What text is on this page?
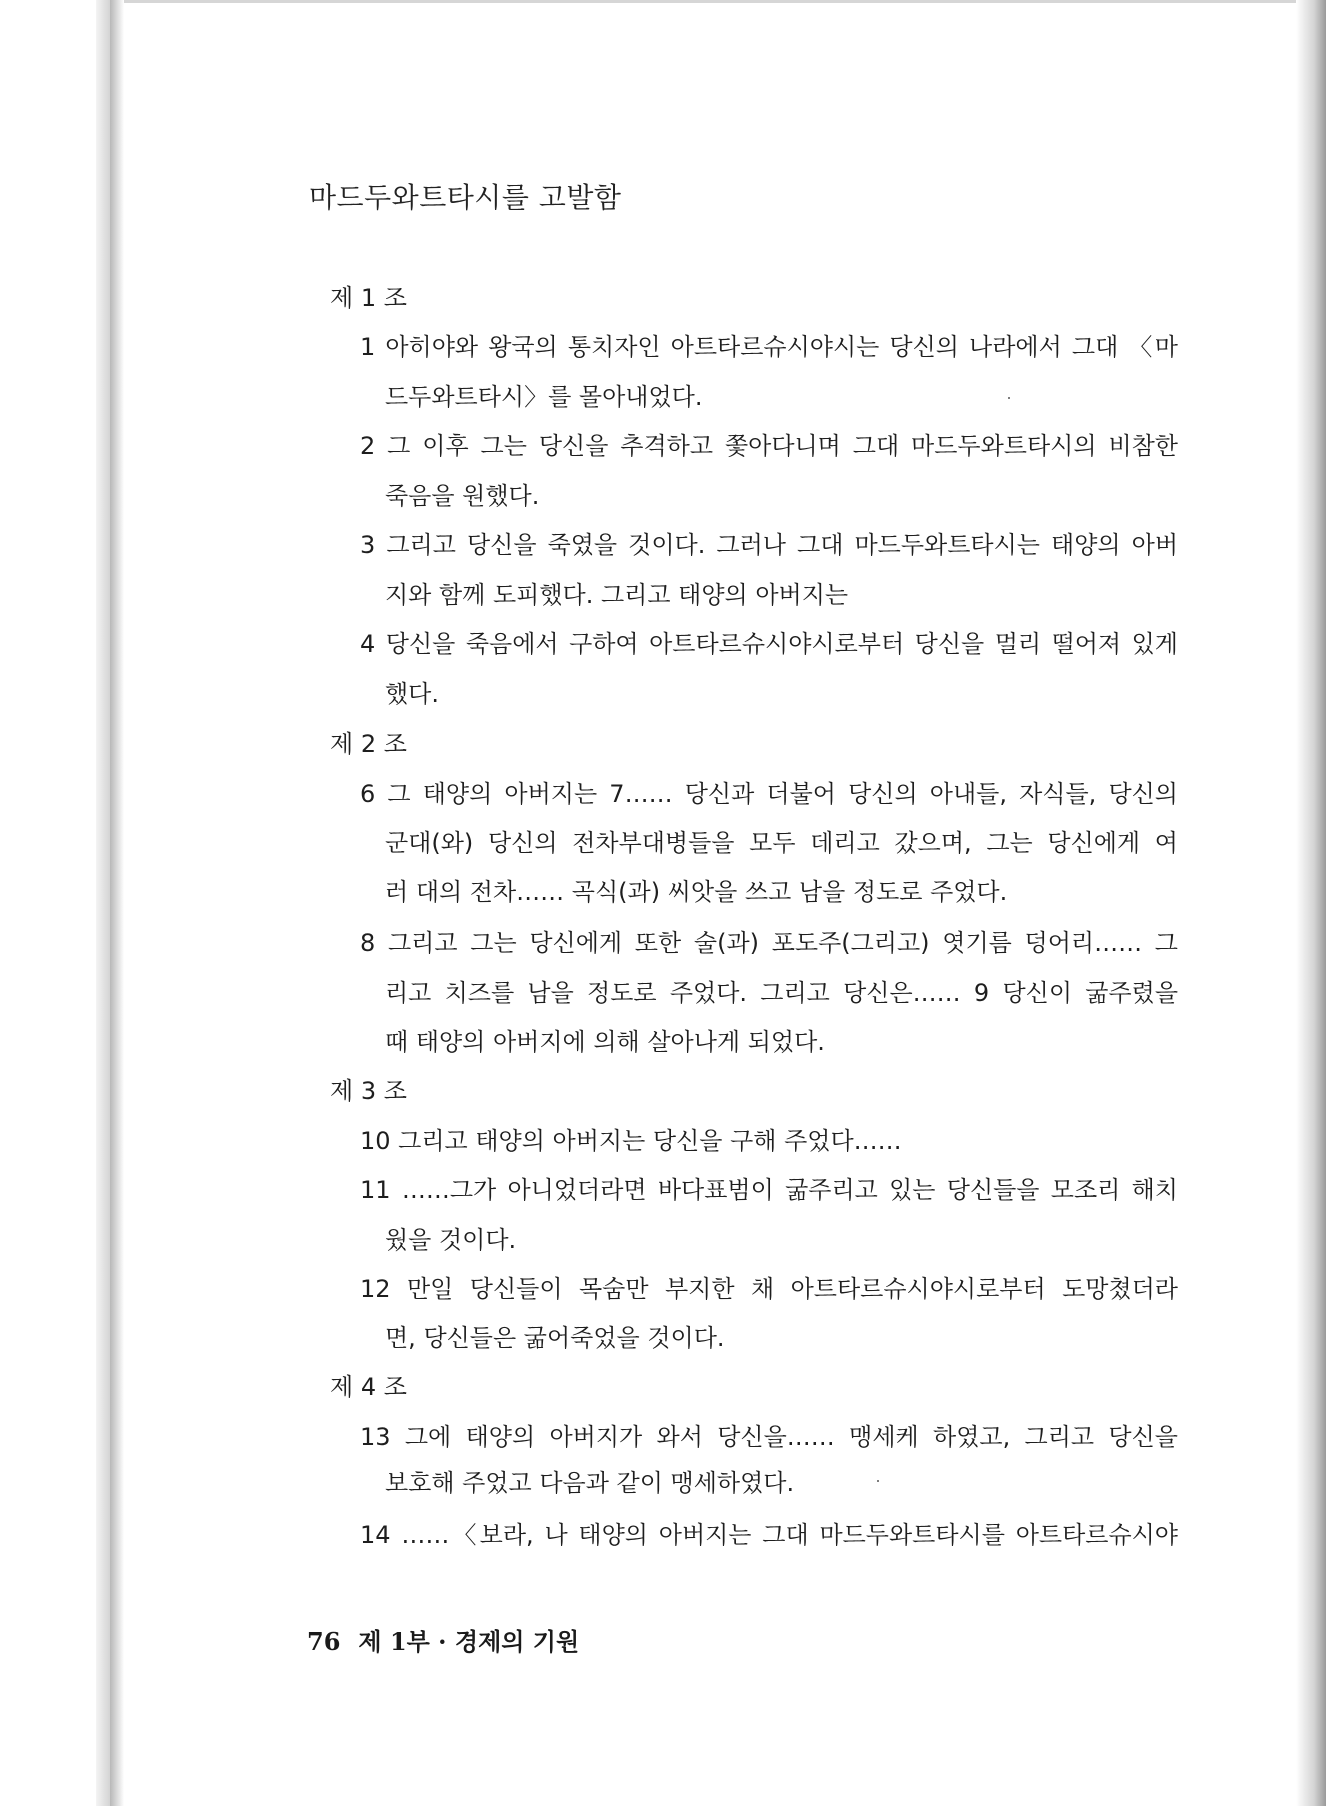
마드두와트타시를 고발함
제 1 조
1 아히야와 왕국의 통치자인 아트타르슈시야시는 당신의 나라에서 그대 〈마
드두와트타시〉를 몰아내었다.
2 그 이후 그는 당신을 추격하고 쫓아다니며 그대 마드두와트타시의 비참한
죽음을 원했다.
3 그리고 당신을 죽였을 것이다. 그러나 그대 마드두와트타시는 태양의 아버
지와 함께 도피했다. 그리고 태양의 아버지는
4 당신을 죽음에서 구하여 아트타르슈시야시로부터 당신을 멀리 떨어져 있게
했다.
제 2 조
6 그 태양의 아버지는 7…… 당신과 더불어 당신의 아내들, 자식들, 당신의
군대(와) 당신의 전차부대병들을 모두 데리고 갔으며, 그는 당신에게 여
러 대의 전차…… 곡식(과) 씨앗을 쓰고 남을 정도로 주었다.
8 그리고 그는 당신에게 또한 술(과) 포도주(그리고) 엿기름 덩어리…… 그
리고 치즈를 남을 정도로 주었다. 그리고 당신은…… 9 당신이 굶주렸을
때 태양의 아버지에 의해 살아나게 되었다.
제 3 조
10 그리고 태양의 아버지는 당신을 구해 주었다……
11 ……그가 아니었더라면 바다표범이 굶주리고 있는 당신들을 모조리 해치
웠을 것이다.
12 만일 당신들이 목숨만 부지한 채 아트타르슈시야시로부터 도망쳤더라
면, 당신들은 굶어죽었을 것이다.
제 4 조
13 그에 태양의 아버지가 와서 당신을…… 맹세케 하였고, 그리고 당신을
보호해 주었고 다음과 같이 맹세하였다.
14 ……〈보라, 나 태양의 아버지는 그대 마드두와트타시를 아트타르슈시야
76 제 1부 · 경제의 기원
